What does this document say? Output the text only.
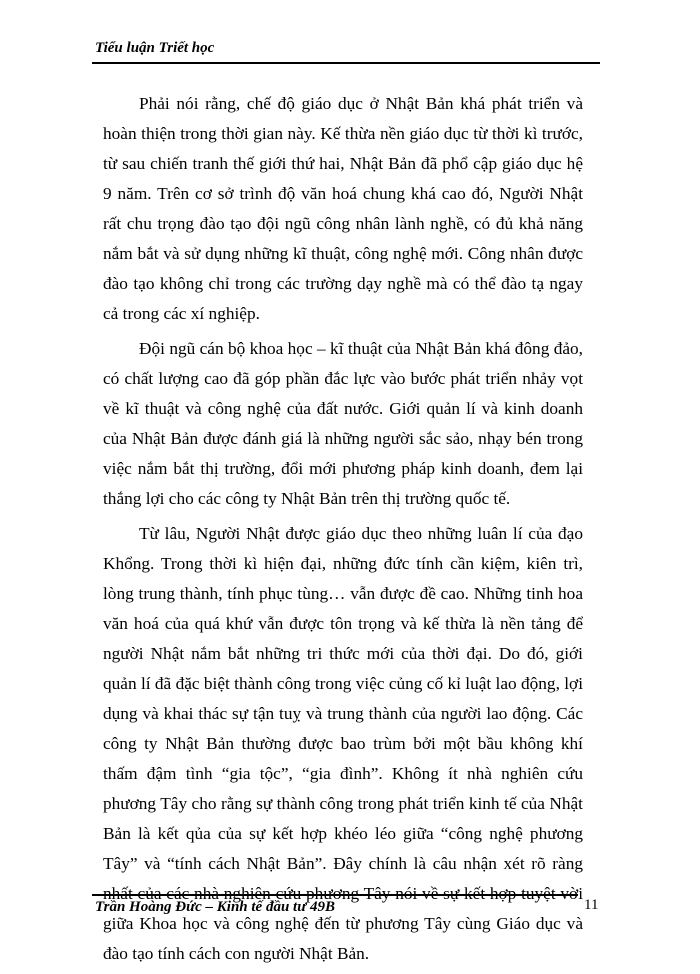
Tiểu luận Triết học

Phải nói rằng, chế độ giáo dục ở Nhật Bản khá phát triển và hoàn thiện trong thời gian này. Kế thừa nền giáo dục từ thời kì trước, từ sau chiến tranh thế giới thứ hai, Nhật Bản đã phổ cập giáo dục hệ 9 năm. Trên cơ sở trình độ văn hoá chung khá cao đó, Người Nhật rất chu trọng đào tạo đội ngũ công nhân lành nghề, có đủ khả năng nắm bắt và sử dụng những kĩ thuật, công nghệ mới. Công nhân được đào tạo không chỉ trong các trường dạy nghề mà có thể đào tạ ngay cả trong các xí nghiệp.

Đội ngũ cán bộ khoa học – kĩ thuật của Nhật Bản khá đông đảo, có chất lượng cao đã góp phần đắc lực vào bước phát triển nhảy vọt về kĩ thuật và công nghệ của đất nước. Giới quản lí và kinh doanh của Nhật Bản được đánh giá là những người sắc sảo, nhạy bén trong việc nắm bắt thị trường, đổi mới phương pháp kinh doanh, đem lại thắng lợi cho các công ty Nhật Bản trên thị trường quốc tế.

Từ lâu, Người Nhật được giáo dục theo những luân lí của đạo Khổng. Trong thời kì hiện đại, những đức tính cần kiệm, kiên trì, lòng trung thành, tính phục tùng… vẫn được đề cao. Những tinh hoa văn hoá của quá khứ vẫn được tôn trọng và kế thừa là nền tảng để người Nhật nắm bắt những tri thức mới của thời đại. Do đó, giới quản lí đã đặc biệt thành công trong việc củng cố kỉ luật lao động, lợi dụng và khai thác sự tận tuỵ và trung thành của người lao động. Các công ty Nhật Bản thường được bao trùm bởi một bầu không khí thấm đậm tình “gia tộc”, “gia đình”. Không ít nhà nghiên cứu phương Tây cho rằng sự thành công trong phát triển kinh tế của Nhật Bản là kết qủa của sự kết hợp khéo léo giữa “công nghệ phương Tây” và “tính cách Nhật Bản”. Đây chính là câu nhận xét rõ ràng nhất của các nhà nghiên cứu phương Tây nói về sự kết hợp tuyệt vời giữa Khoa học và công nghệ đến từ phương Tây cùng Giáo dục và đào tạo tính cách con người Nhật Bản.

Trần Hoàng Đức – Kinh tế đầu tư 49B	11
